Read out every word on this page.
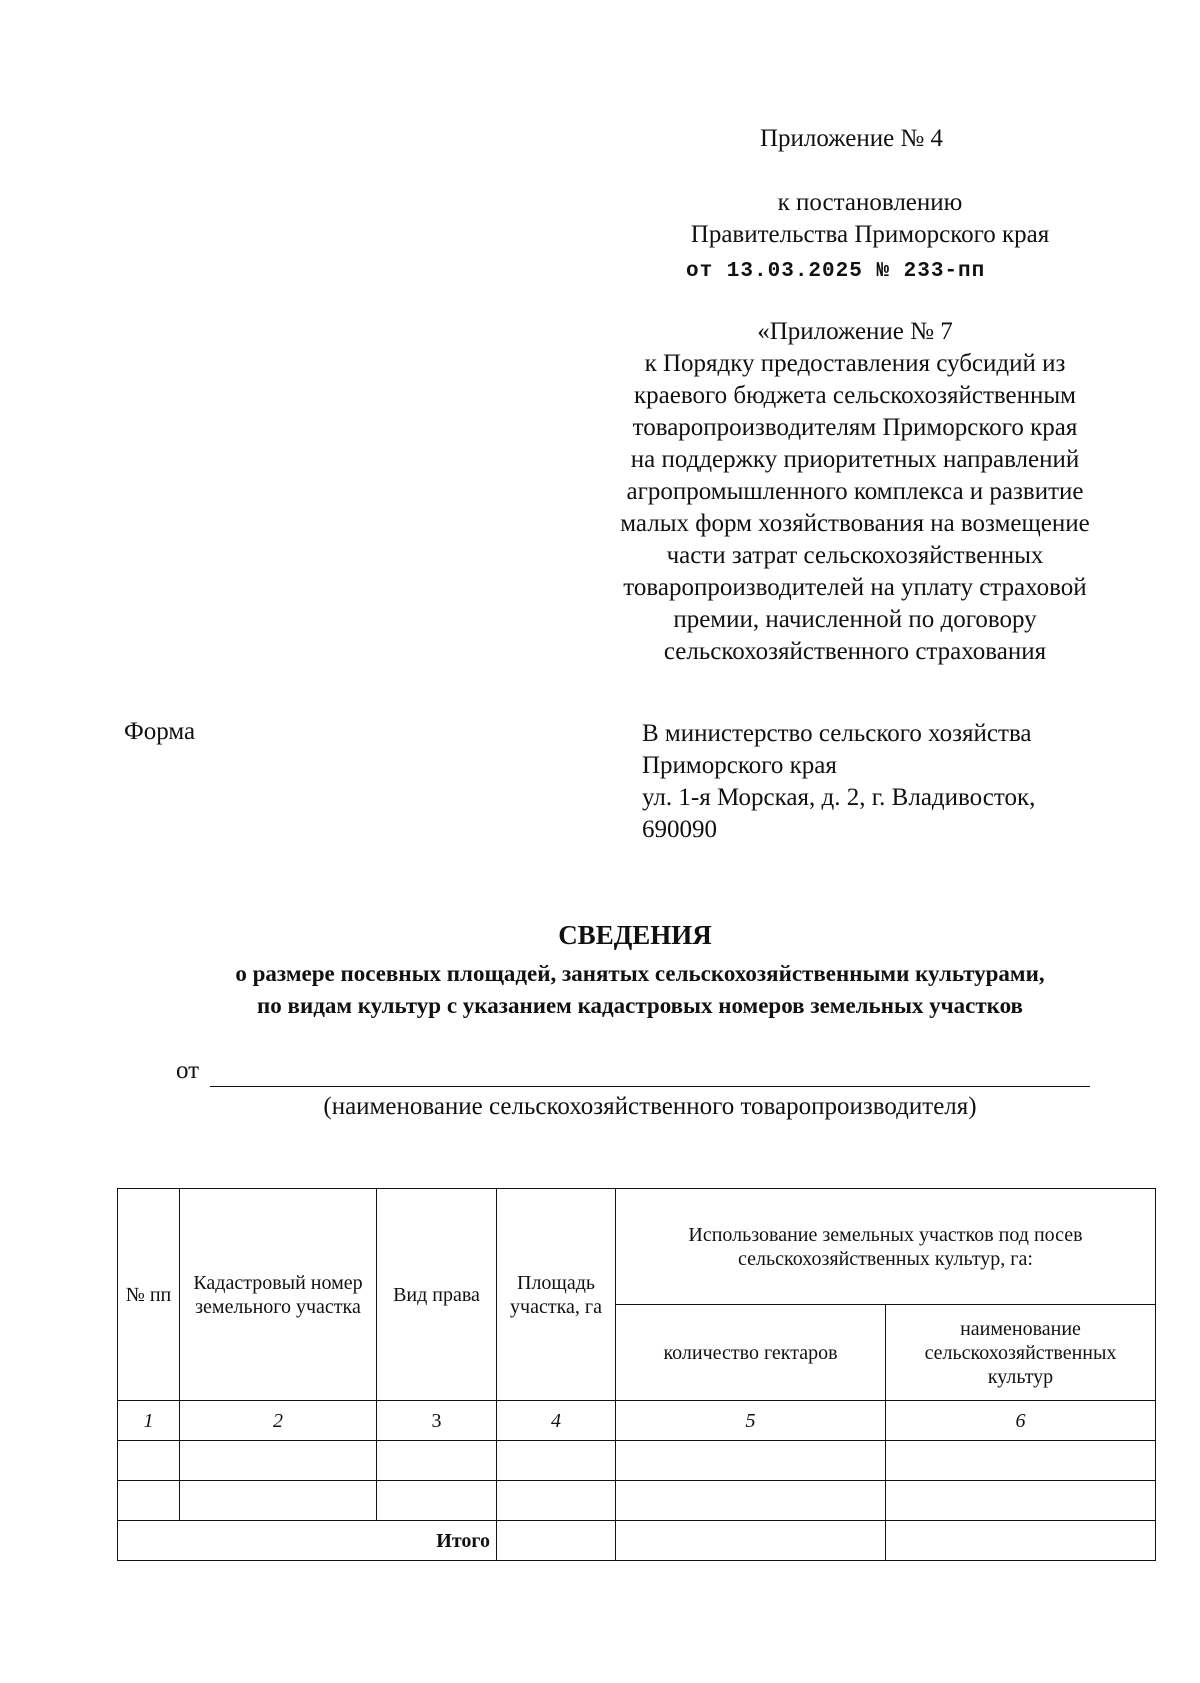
Приложение № 4
к постановлению
Правительства Приморского края
от 13.03.2025 № 233-пп
«Приложение № 7
к Порядку предоставления субсидий из
краевого бюджета сельскохозяйственным
товаропроизводителям Приморского края
на поддержку приоритетных направлений
агропромышленного комплекса и развитие
малых форм хозяйствования на возмещение
части затрат сельскохозяйственных
товаропроизводителей на уплату страховой
премии, начисленной по договору
сельскохозяйственного страхования
Форма	В министерство сельского хозяйства
Приморского края
ул. 1-я Морская, д. 2, г. Владивосток,
690090
СВЕДЕНИЯ
о размере посевных площадей, занятых сельскохозяйственными культурами,
по видам культур с указанием кадастровых номеров земельных участков
от
(наименование сельскохозяйственного товаропроизводителя)
№ пп	Кадастровый номер земельного участка	Вид права	Площадь участка, га	Использование земельных участков под посев сельскохозяйственных культур, га:	
				количество гектаров	наименование сельскохозяйственных культур
1	2	3	4	5	6

Итого					
